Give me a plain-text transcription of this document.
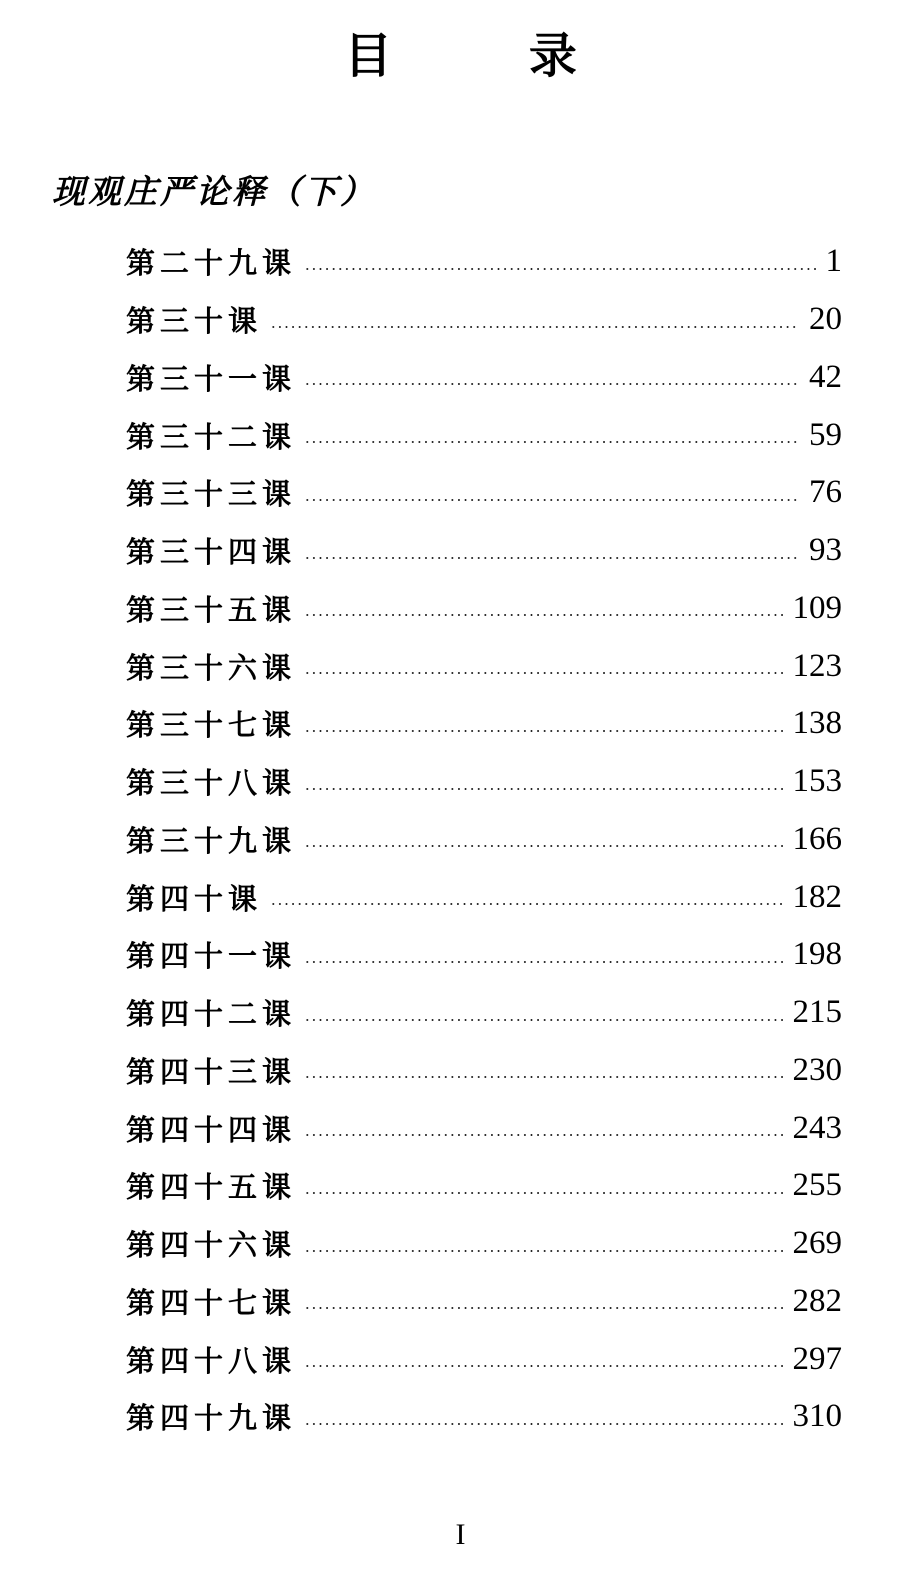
目 录
现观庄严论释（下）
第二十九课	1
第三十课	20
第三十一课	42
第三十二课	59
第三十三课	76
第三十四课	93
第三十五课	109
第三十六课	123
第三十七课	138
第三十八课	153
第三十九课	166
第四十课	182
第四十一课	198
第四十二课	215
第四十三课	230
第四十四课	243
第四十五课	255
第四十六课	269
第四十七课	282
第四十八课	297
第四十九课	310
I
